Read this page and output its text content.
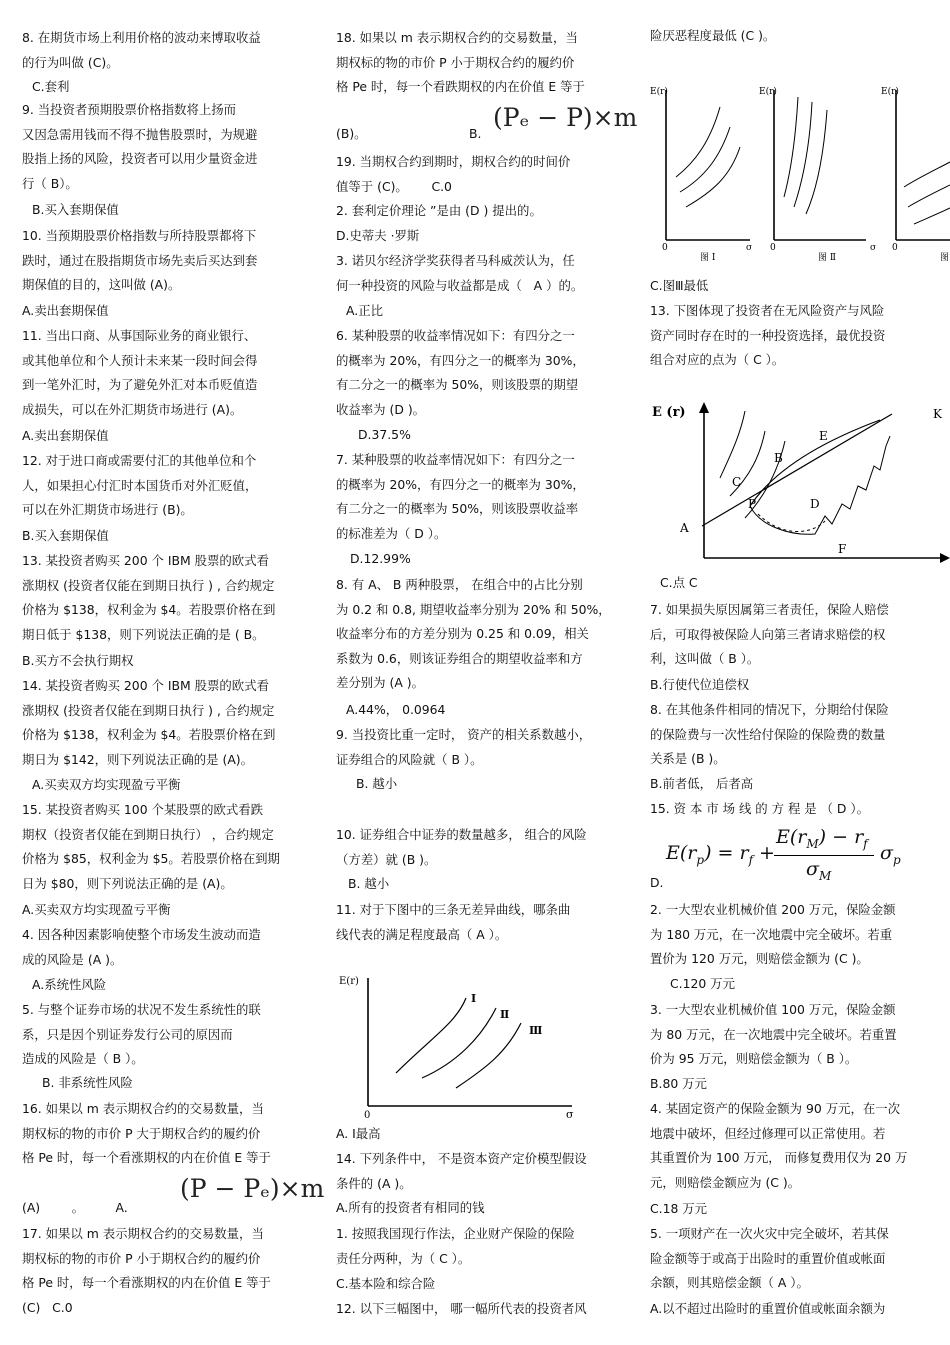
8. 在期货市场上利用价格的波动来博取收益
的行为叫做 (C)。

C.套利

9. 当投资者预期股票价格指数将上扬而
又因急需用钱而不得不抛售股票时，为规避
股指上扬的风险，投资者可以用少量资金进
行（ B）。

B.买入套期保值

10. 当预期股票价格指数与所持股票都将下
跌时，通过在股指期货市场先卖后买达到套
期保值的目的，这叫做 (A)。

A.卖出套期保值

11. 当出口商、从事国际业务的商业银行、
或其他单位和个人预计未来某一段时间会得
到一笔外汇时，为了避免外汇对本币贬值造
成损失，可以在外汇期货市场进行 (A)。

A.卖出套期保值

12. 对于进口商或需要付汇的其他单位和个
人，如果担心付汇时本国货币对外汇贬值，
可以在外汇期货市场进行 (B)。

B.买入套期保值

13. 某投资者购买 200 个 IBM 股票的欧式看
涨期权 (投资者仅能在到期日执行 ) , 合约规定
价格为 $138，权利金为 $4。若股票价格在到
期日低于 $138，则下列说法正确的是 ( B。

B.买方不会执行期权

14. 某投资者购买 200 个 IBM 股票的欧式看
涨期权 (投资者仅能在到期日执行 ) , 合约规定
价格为 $138，权利金为 $4。若股票价格在到
期日为 $142，则下列说法正确的是 (A)。

A.买卖双方均实现盈亏平衡

15. 某投资者购买 100 个某股票的欧式看跌
期权（投资者仅能在到期日执行） ，合约规定
价格为 $85，权利金为 $5。若股票价格在到期
日为 $80，则下列说法正确的是 (A)。

A.买卖双方均实现盈亏平衡

4. 因各种因素影响使整个市场发生波动而造
成的风险是 (A )。

A.系统性风险

5. 与整个证券市场的状况不发生系统性的联
系，只是因个别证券发行公司的原因而
造成的风险是（ B ）。

B. 非系统性风险

16. 如果以 m 表示期权合约的交易数量，当
期权标的物的市价 P 大于期权合约的履约价
格 Pe 时，每一个看涨期权的内在价值 E 等于

(A)        。        A.

(P − Pₑ)×m

17. 如果以 m 表示期权合约的交易数量，当
期权标的物的市价 P 小于期权合约的履约价
格 Pe 时，每一个看涨期权的内在价值 E 等于
(C)   C.0

18. 如果以 m 表示期权合约的交易数量，当
期权标的物的市价 P 小于期权合约的履约价
格 Pe 时，每一个看跌期权的内在价值 E 等于

(B)。                          B.

(Pₑ − P)×m

19. 当期权合约到期时，期权合约的时间价
值等于 (C)。      C.0

2. 套利定价理论 ”是由 (D ) 提出的。

D.史蒂夫 ·罗斯

3. 诺贝尔经济学奖获得者马科威茨认为，任
何一种投资的风险与收益都是成（   A ）的。

A.正比

6. 某种股票的收益率情况如下：有四分之一
的概率为 20%，有四分之一的概率为 30%，
有二分之一的概率为 50%，则该股票的期望
收益率为 (D )。

D.37.5%

7. 某种股票的收益率情况如下：有四分之一
的概率为 20%，有四分之一的概率为 30%，
有二分之一的概率为 50%，则该股票收益率
的标准差为（ D ）。

D.12.99%

8. 有 A、 B 两种股票， 在组合中的占比分别
为 0.2 和 0.8, 期望收益率分别为 20% 和 50%，
收益率分布的方差分别为 0.25 和 0.09，相关
系数为 0.6，则该证券组合的期望收益率和方
差分别为 (A )。

A.44%， 0.0964

9. 当投资比重一定时， 资产的相关系数越小，
证券组合的风险就（ B ）。

B. 越小

10. 证券组合中证券的数量越多， 组合的风险
（方差）就 (B )。

B. 越小

11. 对于下图中的三条无差异曲线，哪条曲
线代表的满足程度最高（ A ）。

E(r)
0	σ
Ⅰ
Ⅱ
Ⅲ

A. Ⅰ最高

14. 下列条件中， 不是资本资产定价模型假设
条件的 (A )。

A.所有的投资者有相同的钱

1. 按照我国现行作法，企业财产保险的保险
责任分两种，为（ C ）。

C.基本险和综合险

12. 以下三幅图中， 哪一幅所代表的投资者风

险厌恶程度最低 (C )。

E(r)
0	σ
图 Ⅰ
E(r)
0	σ
图 Ⅱ
E(r)
0
图

C.图Ⅲ最低

13. 下图体现了投资者在无风险资产与风险
资产同时存在时的一种投资选择，最优投资
组合对应的点为（ C ）。

E (r)
A
B
C
D
E
F
P
K

C.点 C

7. 如果损失原因属第三者责任，保险人赔偿
后，可取得被保险人向第三者请求赔偿的权
利，这叫做（ B ）。

B.行使代位追偿权

8. 在其他条件相同的情况下，分期给付保险
的保险费与一次性给付保险的保险费的数量
关系是 (B )。

B.前者低， 后者高

15. 资 本 市 场 线 的 方 程 是 （ D ）。

$E(r_p) = r_f$ +
$E(r_M) - r_f$
$\sigma_M$
$\sigma_p$

D.

2. 一大型农业机械价值 200 万元，保险金额
为 180 万元，在一次地震中完全破坏。若重
置价为 120 万元，则赔偿金额为 (C )。

C.120 万元

3. 一大型农业机械价值 100 万元，保险金额
为 80 万元，在一次地震中完全破坏。若重置
价为 95 万元，则赔偿金额为（ B ）。

B.80 万元

4. 某固定资产的保险金额为 90 万元，在一次
地震中破坏，但经过修理可以正常使用。若
其重置价为 100 万元， 而修复费用仅为 20 万
元，则赔偿金额应为 (C )。

C.18 万元

5. 一项财产在一次火灾中完全破坏，若其保
险金额等于或高于出险时的重置价值或帐面
余额，则其赔偿金额（ A ）。

A.以不超过出险时的重置价值或帐面余额为
